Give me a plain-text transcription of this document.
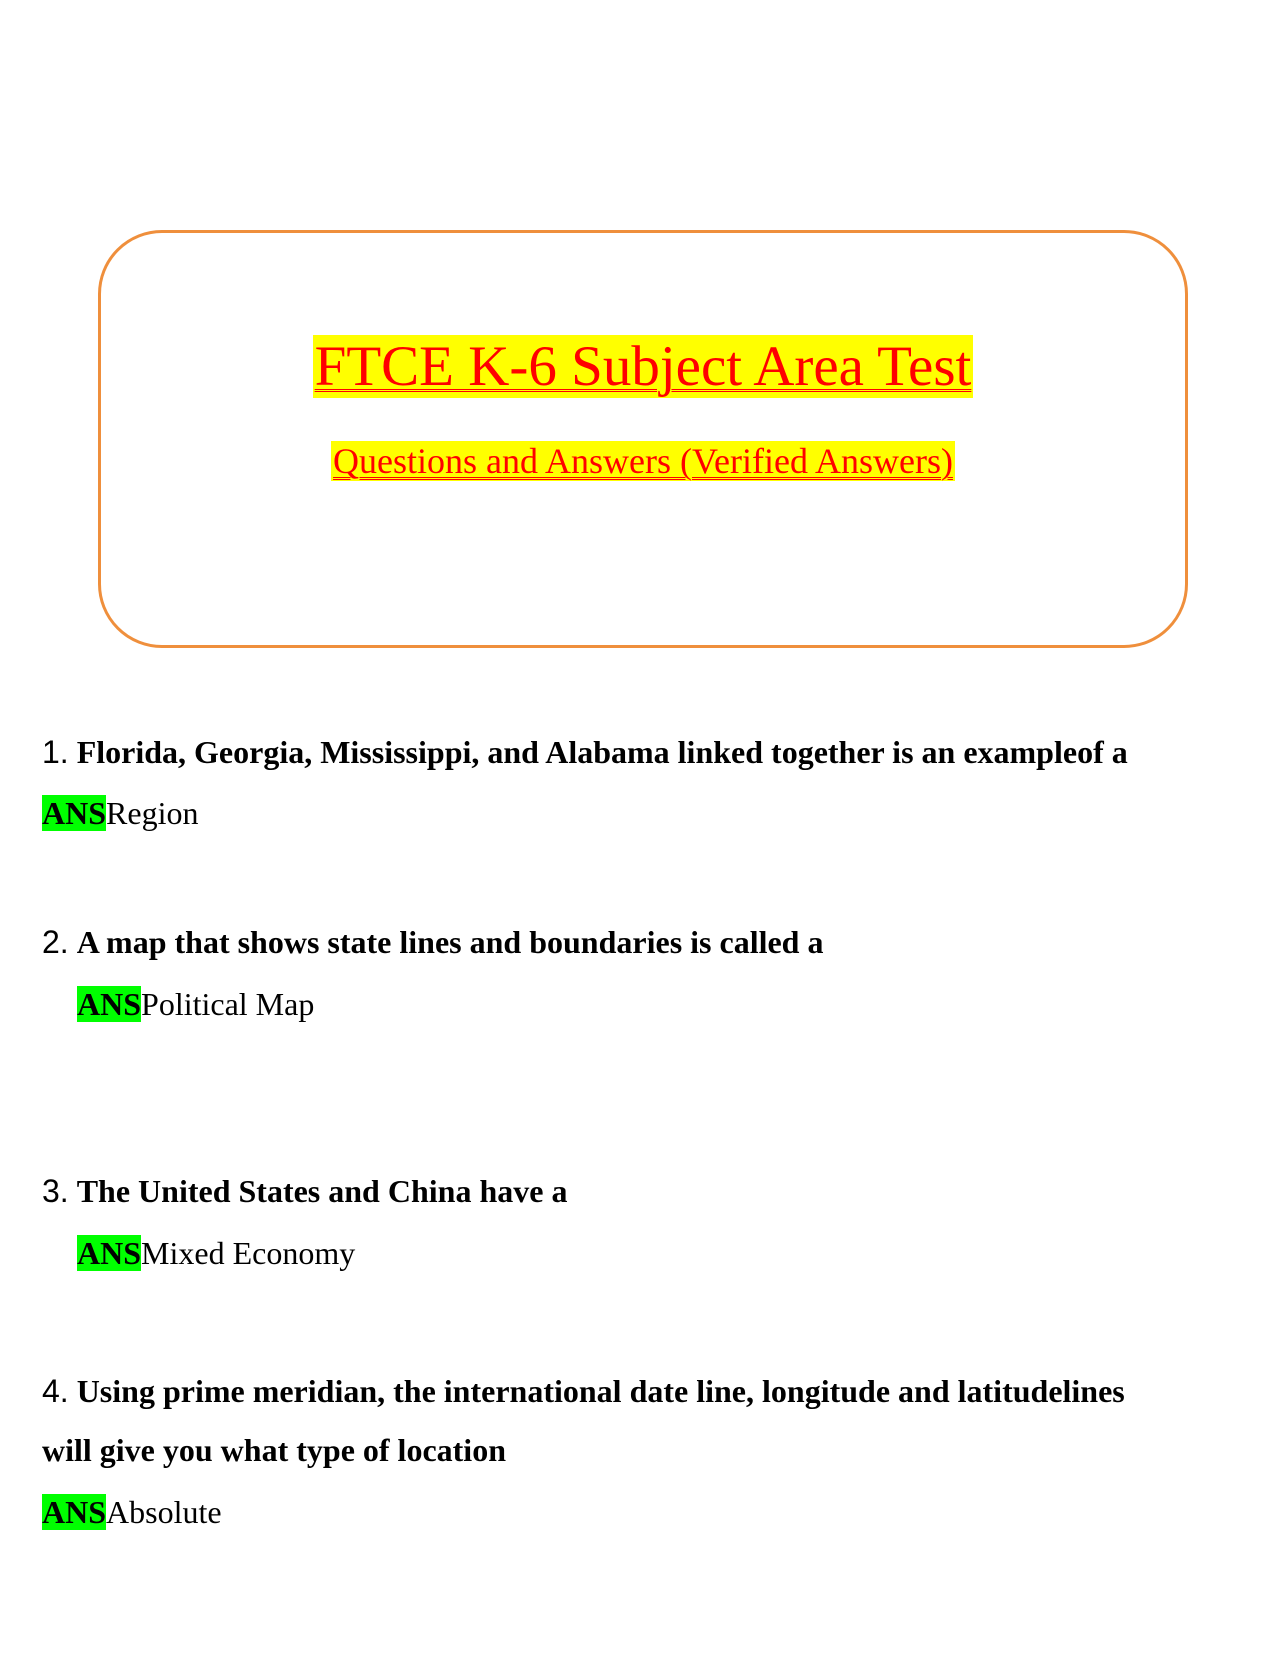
FTCE K-6 Subject Area Test
Questions and Answers (Verified Answers)
1. Florida, Georgia, Mississippi, and Alabama linked together is an exampleof a
ANSRegion
2. A map that shows state lines and boundaries is called a
ANSPolitical Map
3. The United States and China have a
ANSMixed Economy
4. Using prime meridian, the international date line, longitude and latitudelines
will give you what type of location
ANSAbsolute
